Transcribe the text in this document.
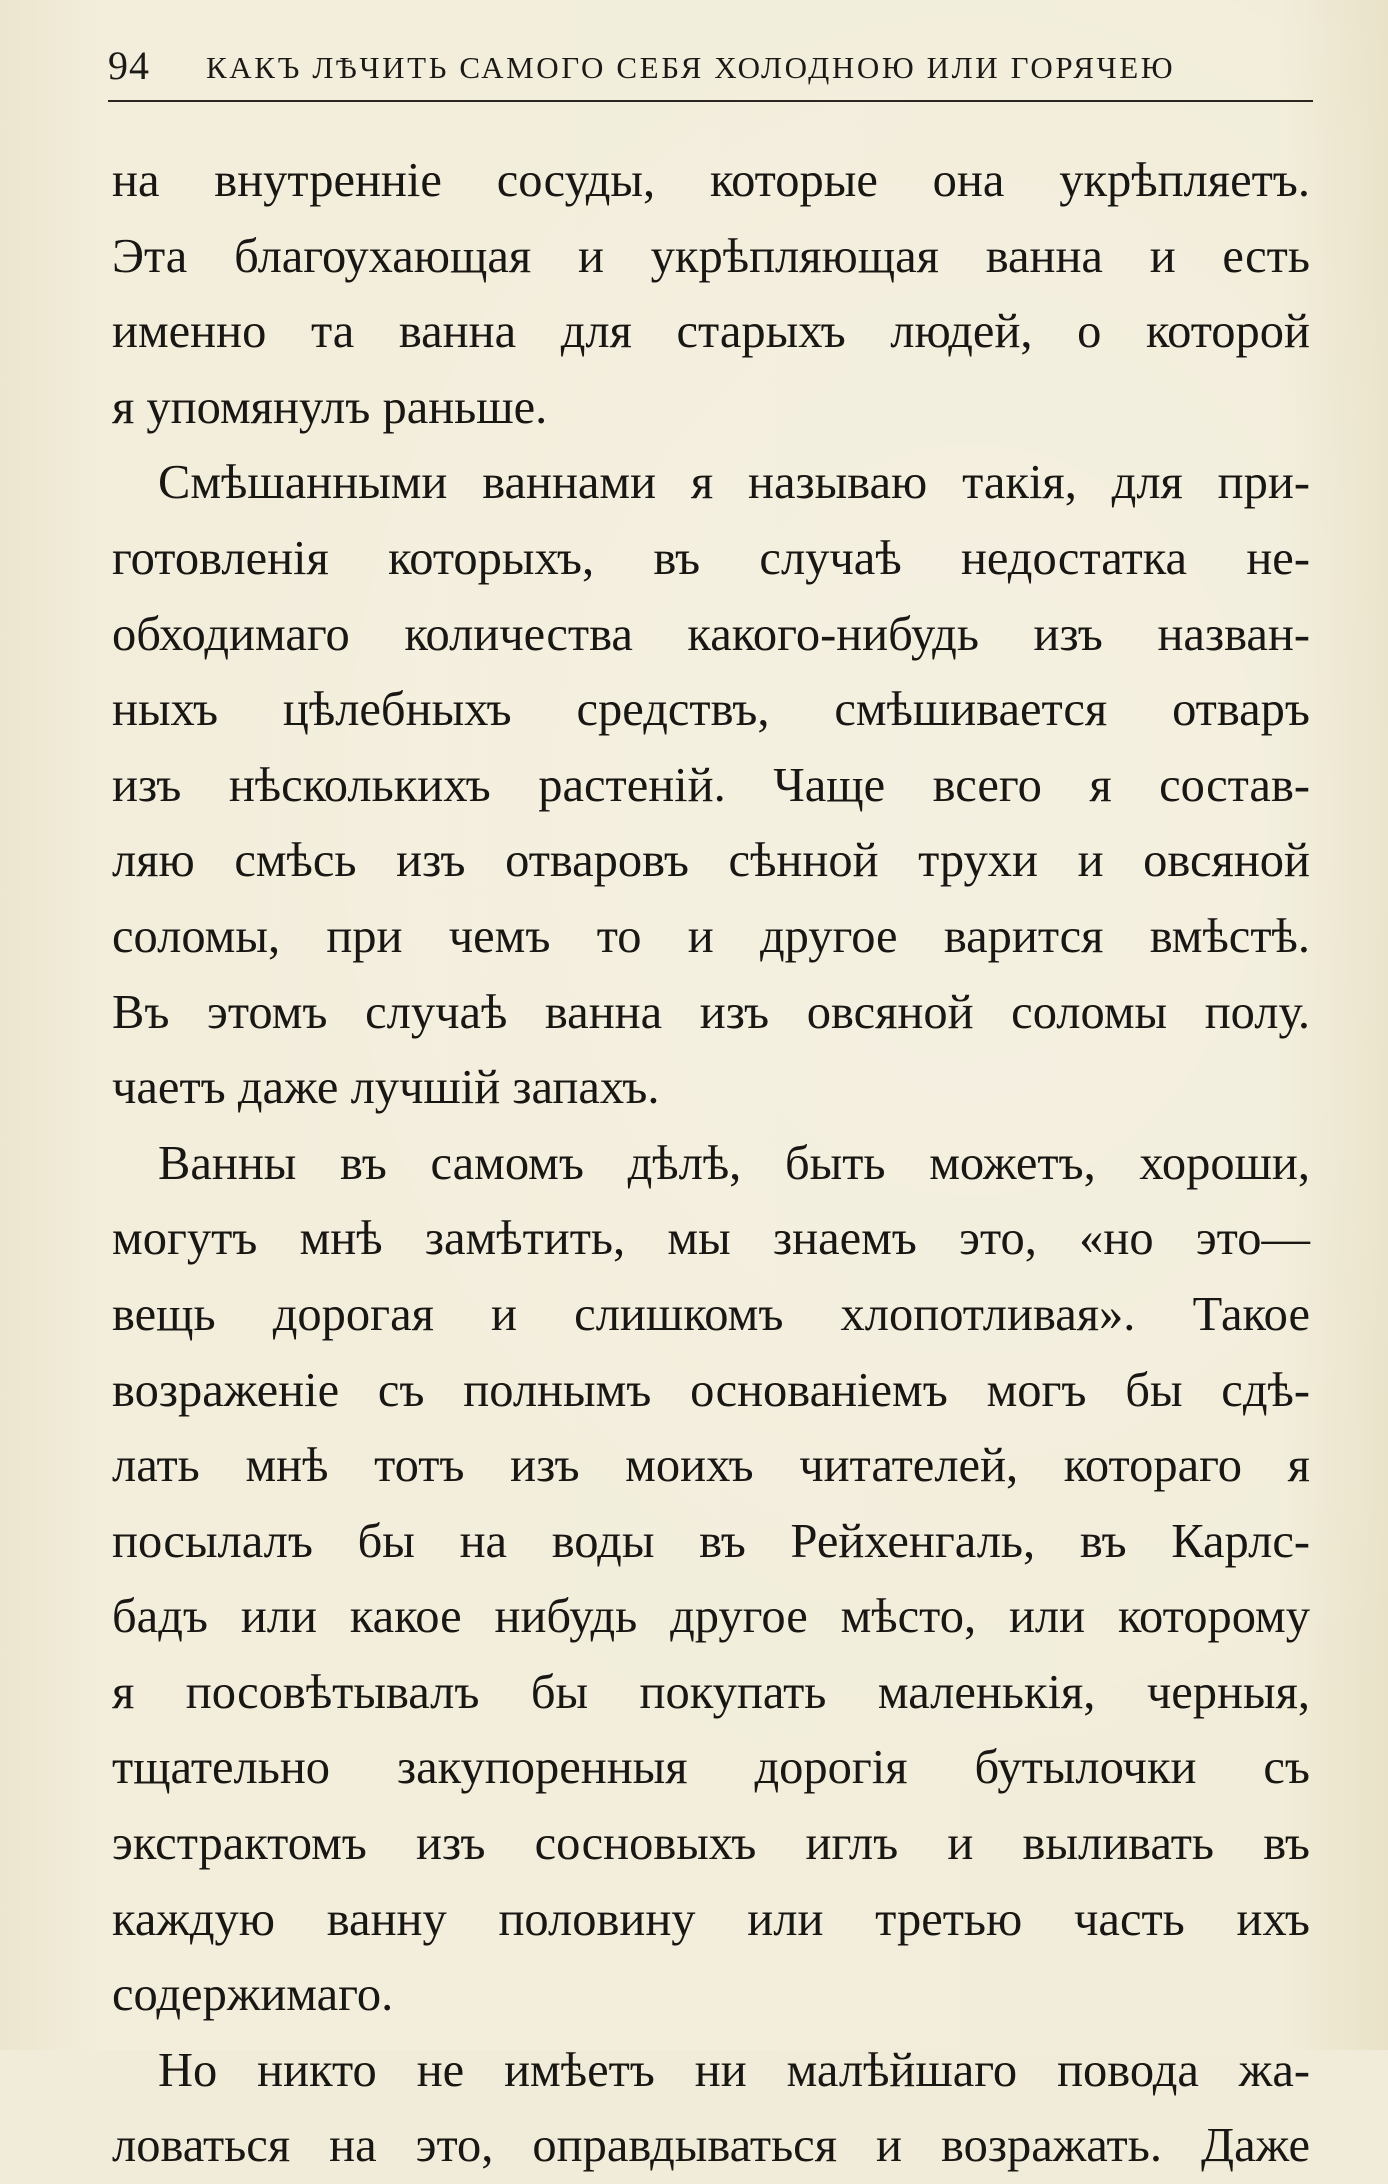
94 КАКЪ ЛѢЧИТЬ САМОГО СЕБЯ ХОЛОДНОЮ ИЛИ ГОРЯЧЕЮ
на внутреннiе сосуды, которые она укрѣпляетъ.
Эта благоухающая и укрѣпляющая ванна и есть
именно та ванна для старыхъ людей, о которой
я упомянулъ раньше.
Смѣшанными ваннами я называю такiя, для при-
готовленiя которыхъ, въ случаѣ недостатка не-
обходимаго количества какого-нибудь изъ назван-
ныхъ цѣлебныхъ средствъ, смѣшивается отваръ
изъ нѣсколькихъ растенiй. Чаще всего я состав-
ляю смѣсь изъ отваровъ сѣнной трухи и овсяной
соломы, при чемъ то и другое варится вмѣстѣ.
Въ этомъ случаѣ ванна изъ овсяной соломы полу.
чаетъ даже лучшiй запахъ.
Ванны въ самомъ дѣлѣ, быть можетъ, хороши,
могутъ мнѣ замѣтить, мы знаемъ это, «но это—
вещь дорогая и слишкомъ хлопотливая». Такое
возраженiе съ полнымъ основанiемъ могъ бы сдѣ-
лать мнѣ тотъ изъ моихъ читателей, котораго я
посылалъ бы на воды въ Рейхенгаль, въ Карлс-
бадъ или какое нибудь другое мѣсто, или которому
я посовѣтывалъ бы покупать маленькiя, черныя,
тщательно закупоренныя дорогiя бутылочки съ
экстрактомъ изъ сосновыхъ иглъ и выливать въ
каждую ванну половину или третью часть ихъ
содержимаго.
Но никто не имѣетъ ни малѣйшаго повода жа-
ловаться на это, оправдываться и возражать. Даже
